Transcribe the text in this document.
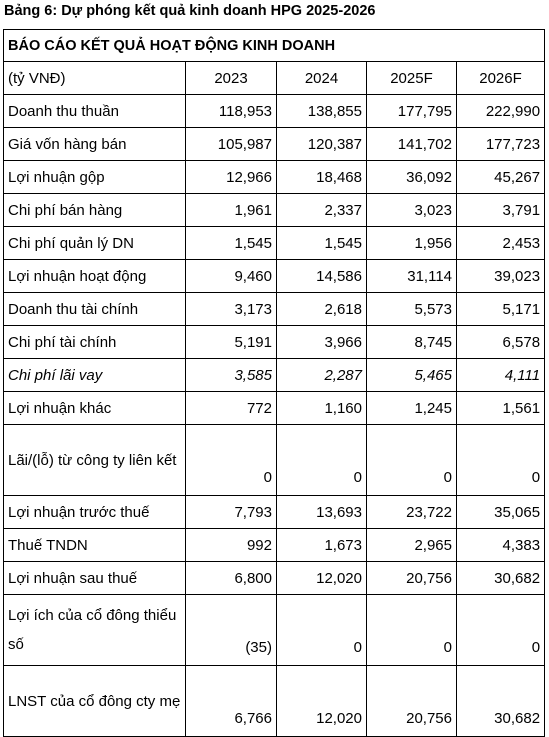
Bảng 6: Dự phóng kết quả kinh doanh HPG 2025-2026
BÁO CÁO KẾT QUẢ HOẠT ĐỘNG KINH DOANH				
(tỷ VNĐ)	2023	2024	2025F	2026F
Doanh thu thuần	118,953	138,855	177,795	222,990
Giá vốn hàng bán	105,987	120,387	141,702	177,723
Lợi nhuận gộp	12,966	18,468	36,092	45,267
Chi phí bán hàng	1,961	2,337	3,023	3,791
Chi phí quản lý DN	1,545	1,545	1,956	2,453
Lợi nhuận hoạt động	9,460	14,586	31,114	39,023
Doanh thu tài chính	3,173	2,618	5,573	5,171
Chi phí tài chính	5,191	3,966	8,745	6,578
Chi phí lãi vay	3,585	2,287	5,465	4,111
Lợi nhuận khác	772	1,160	1,245	1,561
Lãi/(lỗ) từ công ty liên kết	0	0	0	0
Lợi nhuận trước thuế	7,793	13,693	23,722	35,065
Thuế TNDN	992	1,673	2,965	4,383
Lợi nhuận sau thuế	6,800	12,020	20,756	30,682
Lợi ích của cổ đông thiểu số	(35)	0	0	0
LNST của cổ đông cty mẹ	6,766	12,020	20,756	30,682
